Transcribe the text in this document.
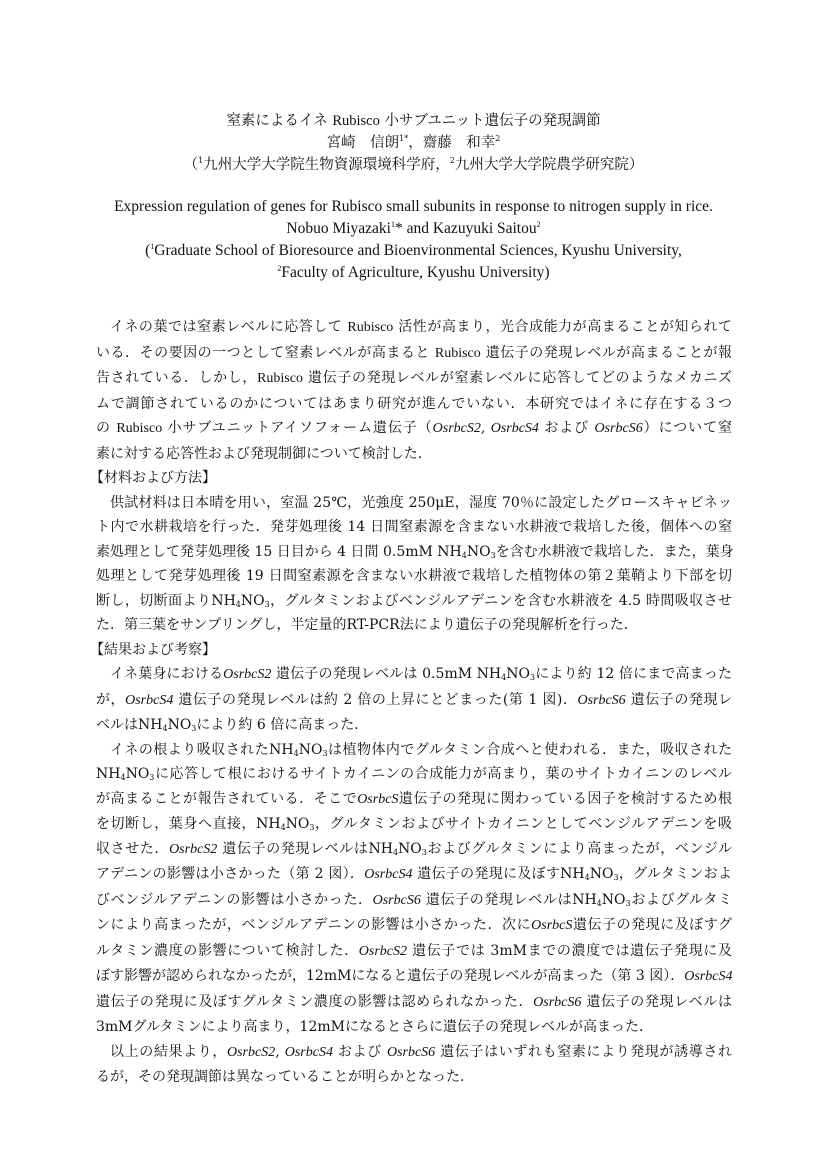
窒素によるイネ Rubisco 小サブユニット遺伝子の発現調節
宮崎　信朗$^{1*}$，齋藤　和幸$^2$
（$^1$九州大学大学院生物資源環境科学府，$^2$九州大学大学院農学研究院）
Expression regulation of genes for Rubisco small subunits in response to nitrogen supply in rice.
Nobuo Miyazaki$^1$* and Kazuyuki Saitou$^2$
($^1$Graduate School of Bioresource and Bioenvironmental Sciences, Kyushu University,
$^2$Faculty of Agriculture, Kyushu University)
イネの葉では窒素レベルに応答して Rubisco 活性が高まり，光合成能力が高まることが知られて
いる．その要因の一つとして窒素レベルが高まると Rubisco 遺伝子の発現レベルが高まることが報
告されている．しかし，Rubisco 遺伝子の発現レベルが窒素レベルに応答してどのようなメカニズ
ムで調節されているのかについてはあまり研究が進んでいない．本研究ではイネに存在する３つ
の Rubisco 小サブユニットアイソフォーム遺伝子（OsrbcS2, OsrbcS4 および OsrbcS6）について窒
素に対する応答性および発現制御について検討した．
【材料および方法】
供試材料は日本晴を用い，室温 25℃，光強度 250μE，湿度 70％に設定したグロースキャビネッ
ト内で水耕栽培を行った．発芽処理後 14 日間窒素源を含まない水耕液で栽培した後，個体への窒
素処理として発芽処理後 15 日目から 4 日間 0.5mM $NH_4NO_3$を含む水耕液で栽培した．また，葉身
処理として発芽処理後 19 日間窒素源を含まない水耕液で栽培した植物体の第２葉鞘より下部を切
断し，切断面より$NH_4NO_3$，グルタミンおよびベンジルアデニンを含む水耕液を 4.5 時間吸収させ
た．第三葉をサンプリングし，半定量的RT-PCR法により遺伝子の発現解析を行った．
【結果および考察】
イネ葉身におけるOsrbcS2 遺伝子の発現レベルは 0.5mM $NH_4NO_3$により約 12 倍にまで高まった
が，OsrbcS4 遺伝子の発現レベルは約 2 倍の上昇にとどまった(第 1 図)．OsrbcS6 遺伝子の発現レ
ベルは$NH_4NO_3$により約 6 倍に高まった．
イネの根より吸収された$NH_4NO_3$は植物体内でグルタミン合成へと使われる．また，吸収された
$NH_4NO_3$に応答して根におけるサイトカイニンの合成能力が高まり，葉のサイトカイニンのレベル
が高まることが報告されている．そこでOsrbcS遺伝子の発現に関わっている因子を検討するため根
を切断し，葉身へ直接，$NH_4NO_3$，グルタミンおよびサイトカイニンとしてベンジルアデニンを吸
収させた．OsrbcS2 遺伝子の発現レベルは$NH_4NO_3$およびグルタミンにより高まったが，ベンジル
アデニンの影響は小さかった（第 2 図）．OsrbcS4 遺伝子の発現に及ぼす$NH_4NO_3$，グルタミンおよ
びベンジルアデニンの影響は小さかった．OsrbcS6 遺伝子の発現レベルは$NH_4NO_3$およびグルタミ
ンにより高まったが，ベンジルアデニンの影響は小さかった．次にOsrbcS遺伝子の発現に及ぼすグ
ルタミン濃度の影響について検討した．OsrbcS2 遺伝子では 3mMまでの濃度では遺伝子発現に及
ぼす影響が認められなかったが，12mMになると遺伝子の発現レベルが高まった（第 3 図）．OsrbcS4
遺伝子の発現に及ぼすグルタミン濃度の影響は認められなかった．OsrbcS6 遺伝子の発現レベルは
3mMグルタミンにより高まり，12mMになるとさらに遺伝子の発現レベルが高まった．
以上の結果より，OsrbcS2, OsrbcS4 および OsrbcS6 遺伝子はいずれも窒素により発現が誘導され
るが，その発現調節は異なっていることが明らかとなった．
